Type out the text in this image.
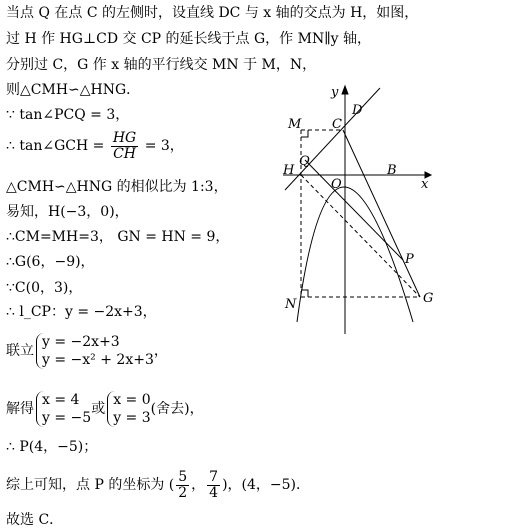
当点 Q 在点 C 的左侧时，设直线 DC 与 x 轴的交点为 H，如图，
过 H 作 HG⊥CD 交 CP 的延长线于点 G，作 MN∥y 轴，
分别过 C，G 作 x 轴的平行线交 MN 于 M，N，
则△CMH∽△HNG．
∵ tan∠PCQ = 3，
∴ tan∠GCH = $\frac{HG}{CH} = 3$，
△CMH∽△HNG 的相似比为 1:3，
易知，H(−3，0)，
∴CM=MH=3， GN = HN = 9，
∴G(6，−9)，
∵C(0，3)，
∴ l_CP：y = −2x+3，
联立
y = −2x+3
y = −x² + 2x+3
，
解得
x = 4
y = −5
或
x = 0
y = 3
(舍去)，
∴ P(4，−5)；
综上可知，点 P 的坐标为 ( $\frac{5}{2}$ ， $\frac{7}{4}$ )，(4，−5)．
故选 C．
y
D
M C
Q
H
O
B
x
P
N	G
